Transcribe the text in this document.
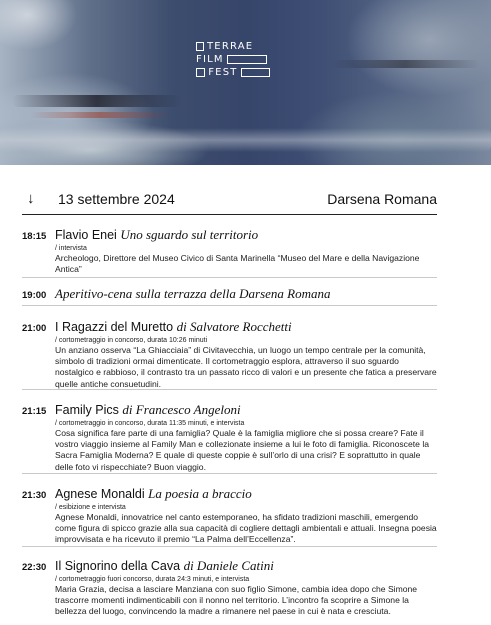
TERRAE
FILM
FEST
↓ 13 settembre 2024	Darsena Romana
18:15 Flavio Enei Uno sguardo sul territorio
/ intervista
Archeologo, Direttore del Museo Civico di Santa Marinella “Museo del Mare e della Navigazione Antica”
19:00 Aperitivo-cena sulla terrazza della Darsena Romana
21:00 I Ragazzi del Muretto di Salvatore Rocchetti
/ cortometraggio in concorso, durata 10:26 minuti
Un anziano osserva “La Ghiacciaia” di Civitavecchia, un luogo un tempo centrale per la comunità, simbolo di tradizioni ormai dimenticate. Il cortometraggio esplora, attraverso il suo sguardo nostalgico e rabbioso, il contrasto tra un passato ricco di valori e un presente che fatica a preservare quelle antiche consuetudini.
21:15 Family Pics di Francesco Angeloni
/ cortometraggio in concorso, durata 11:35 minuti, e intervista
Cosa significa fare parte di una famiglia? Quale è la famiglia migliore che si possa creare? Fate il vostro viaggio insieme al Family Man e collezionate insieme a lui le foto di famiglia. Riconoscete la Sacra Famiglia Moderna? E quale di queste coppie è sull’orlo di una crisi? E soprattutto in quale delle foto vi rispecchiate? Buon viaggio.
21:30 Agnese Monaldi La poesia a braccio
/ esibizione e intervista
Agnese Monaldi, innovatrice nel canto estemporaneo, ha sfidato tradizioni maschili, emergendo come figura di spicco grazie alla sua capacità di cogliere dettagli ambientali e attuali. Insegna poesia improvvisata e ha ricevuto il premio “La Palma dell’Eccellenza”.
22:30 Il Signorino della Cava di Daniele Catini
/ cortometraggio fuori concorso, durata 24:3 minuti, e intervista
Maria Grazia, decisa a lasciare Manziana con suo figlio Simone, cambia idea dopo che Simone trascorre momenti indimenticabili con il nonno nel territorio. L’incontro fa scoprire a Simone la bellezza del luogo, convincendo la madre a rimanere nel paese in cui è nata e cresciuta.
